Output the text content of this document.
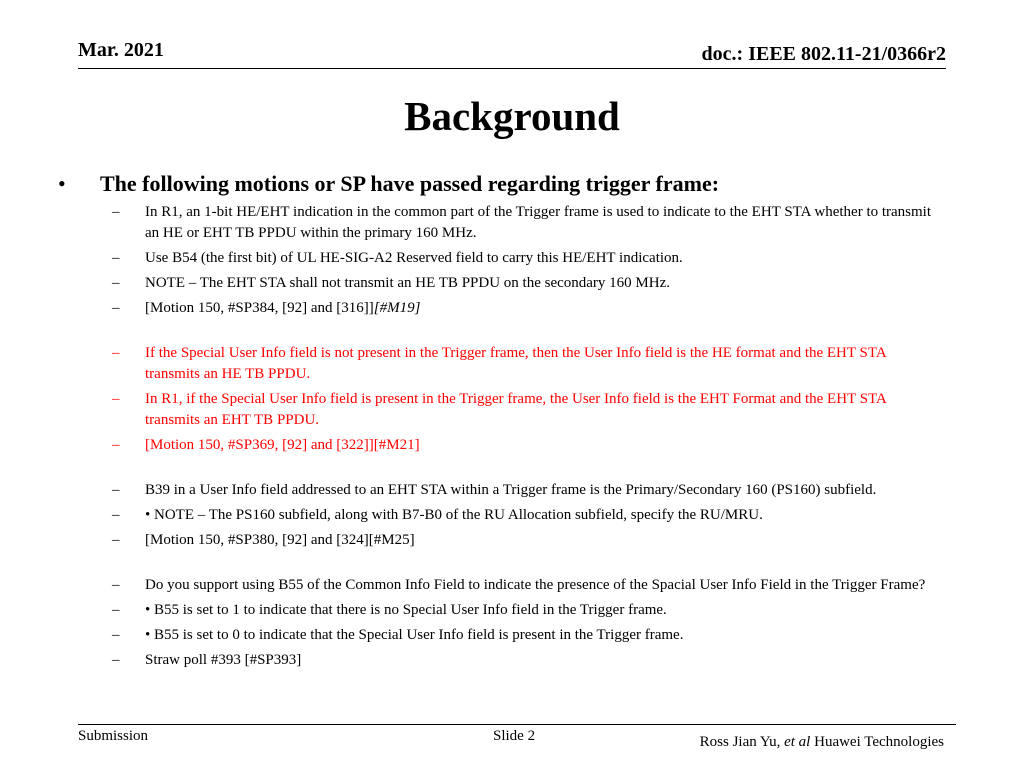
Mar. 2021	doc.: IEEE 802.11-21/0366r2
Background
• The following motions or SP have passed regarding trigger frame:
– In R1, an 1-bit HE/EHT indication in the common part of the Trigger frame is used to indicate to the EHT STA whether to transmit an HE or EHT TB PPDU within the primary 160 MHz.
– Use B54 (the first bit) of UL HE-SIG-A2 Reserved field to carry this HE/EHT indication.
– NOTE – The EHT STA shall not transmit an HE TB PPDU on the secondary 160 MHz.
– [Motion 150, #SP384, [92] and [316]][#M19]
– If the Special User Info field is not present in the Trigger frame, then the User Info field is the HE format and the EHT STA transmits an HE TB PPDU.
– In R1, if the Special User Info field is present in the Trigger frame, the User Info field is the EHT Format and the EHT STA transmits an EHT TB PPDU.
– [Motion 150, #SP369, [92] and [322]][#M21]
– B39 in a User Info field addressed to an EHT STA within a Trigger frame is the Primary/Secondary 160 (PS160) subfield.
– • NOTE – The PS160 subfield, along with B7-B0 of the RU Allocation subfield, specify the RU/MRU.
– [Motion 150, #SP380, [92] and [324][#M25]
– Do you support using B55 of the Common Info Field to indicate the presence of the Spacial User Info Field in the Trigger Frame?
– • B55 is set to 1 to indicate that there is no Special User Info field in the Trigger frame.
– • B55 is set to 0 to indicate that the Special User Info field is present in the Trigger frame.
– Straw poll #393 [#SP393]
Submission	Slide 2	Ross Jian Yu, et al Huawei Technologies
